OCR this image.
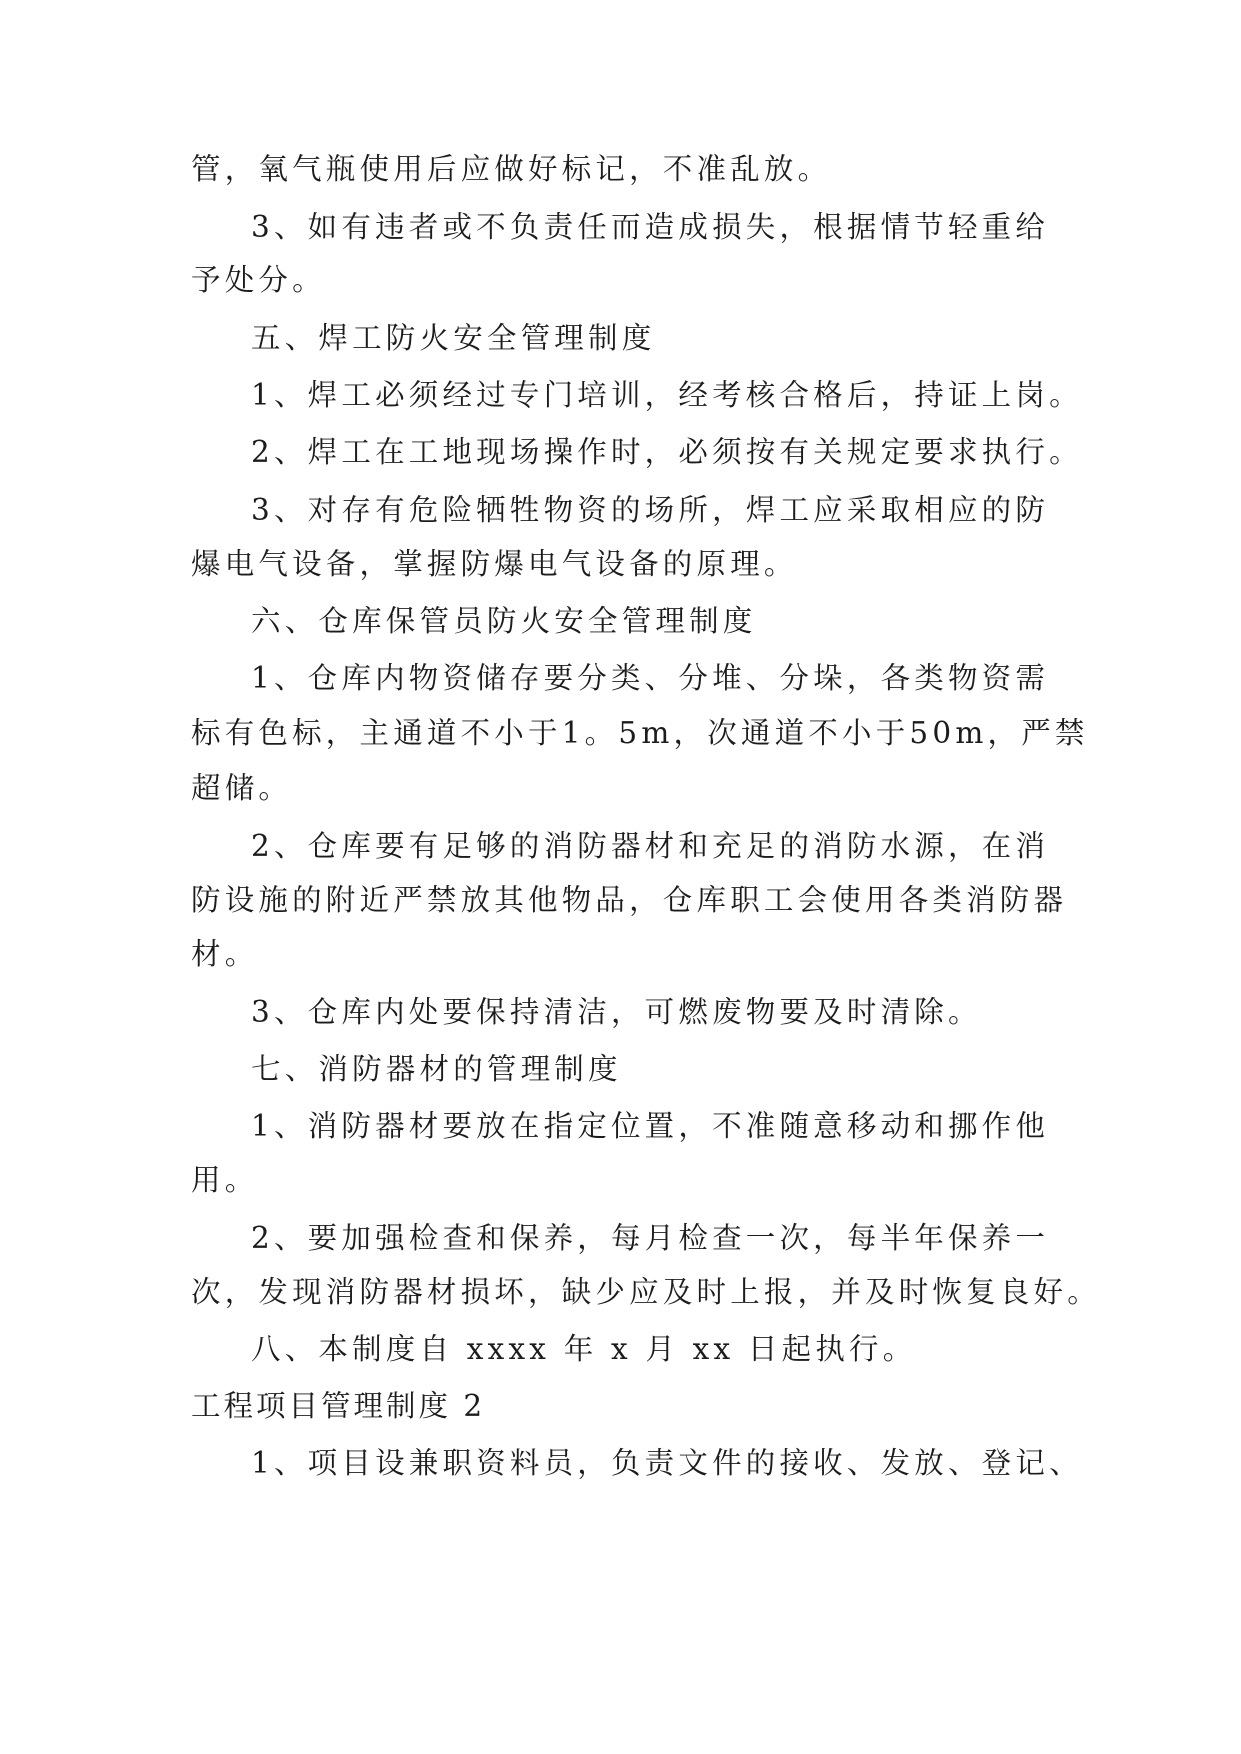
管，氧气瓶使用后应做好标记，不准乱放。
3、如有违者或不负责任而造成损失，根据情节轻重给
予处分。
五、焊工防火安全管理制度
1、焊工必须经过专门培训，经考核合格后，持证上岗。
2、焊工在工地现场操作时，必须按有关规定要求执行。
3、对存有危险牺牲物资的场所，焊工应采取相应的防
爆电气设备，掌握防爆电气设备的原理。
六、仓库保管员防火安全管理制度
1、仓库内物资储存要分类、分堆、分垛，各类物资需
标有色标，主通道不小于1。5m，次通道不小于50m，严禁
超储。
2、仓库要有足够的消防器材和充足的消防水源，在消
防设施的附近严禁放其他物品，仓库职工会使用各类消防器
材。
3、仓库内处要保持清洁，可燃废物要及时清除。
七、消防器材的管理制度
1、消防器材要放在指定位置，不准随意移动和挪作他
用。
2、要加强检查和保养，每月检查一次，每半年保养一
次，发现消防器材损坏，缺少应及时上报，并及时恢复良好。
八、本制度自 xxxx 年 x 月 xx 日起执行。
工程项目管理制度 2
1、项目设兼职资料员，负责文件的接收、发放、登记、
